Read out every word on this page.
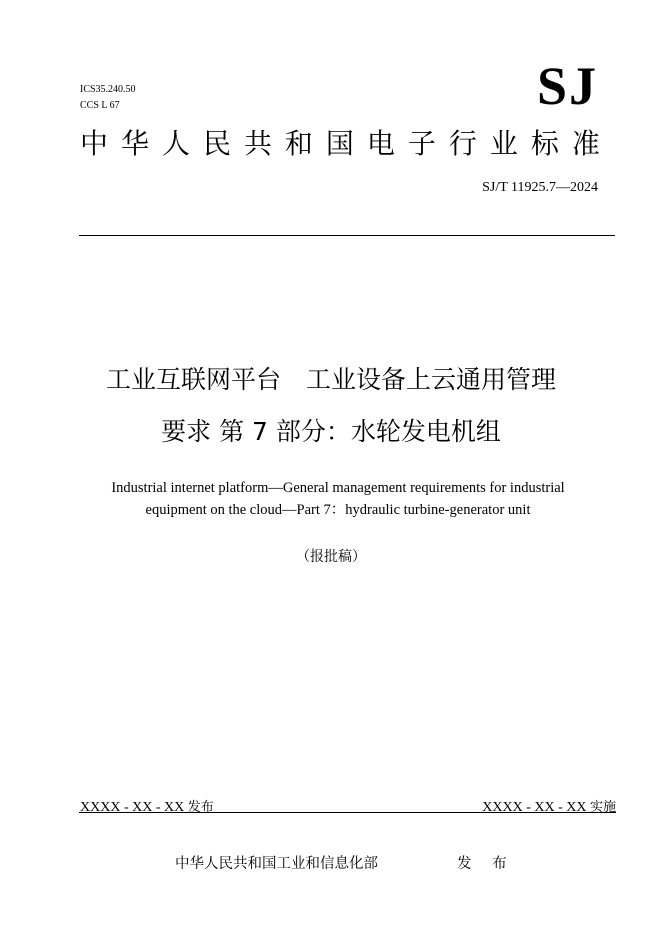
ICS35.240.50
CCS L 67	SJ
中 华 人 民 共 和 国 电 子 行 业 标 准
SJ/T 11925.7—2024
工业互联网平台　工业设备上云通用管理
要求 第 7 部分：水轮发电机组
Industrial internet platform—General management requirements for industrial
equipment on the cloud—Part 7：hydraulic turbine-generator unit
（报批稿）
XXXX - XX - XX 发布	XXXX - XX - XX 实施
中华人民共和国工业和信息化部	发 布
